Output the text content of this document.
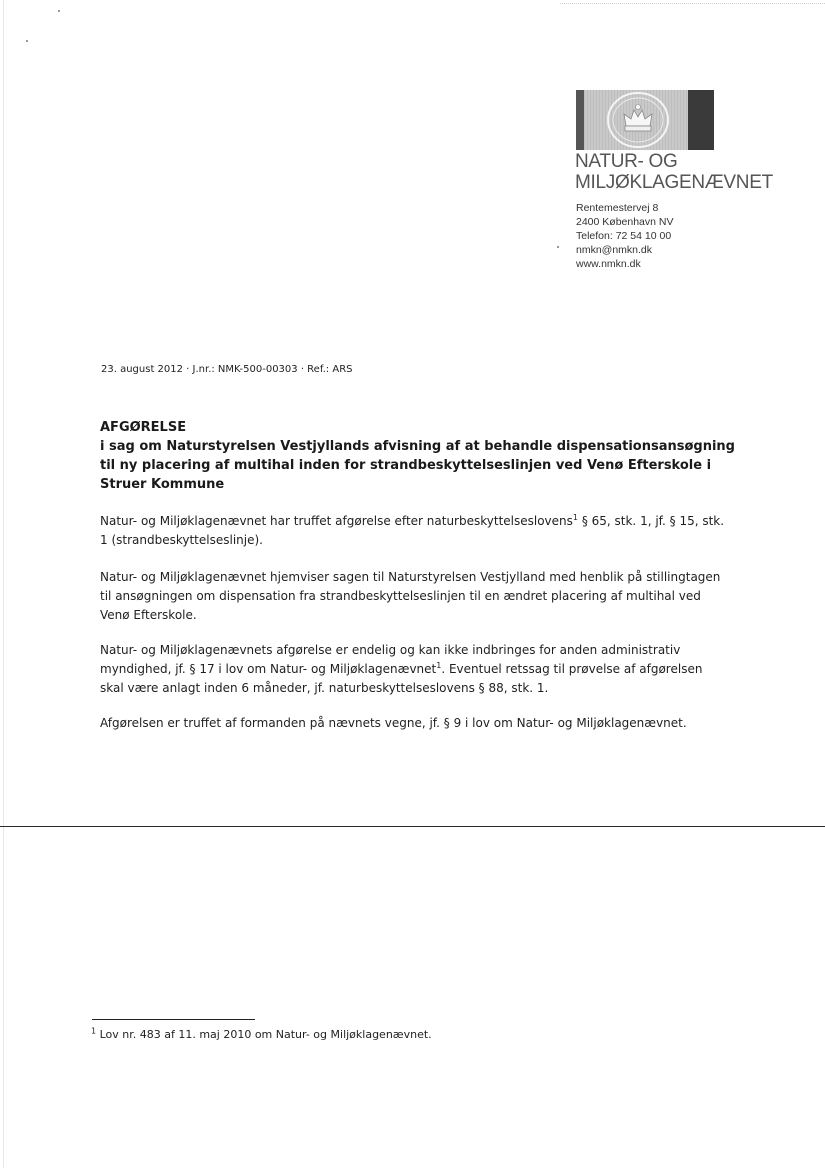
NATUR- OG
MILJØKLAGENÆVNET
Rentemestervej 8
2400 København NV
Telefon: 72 54 10 00
nmkn@nmkn.dk
www.nmkn.dk
23. august 2012 · J.nr.: NMK-500-00303 · Ref.: ARS
AFGØRELSE
i sag om Naturstyrelsen Vestjyllands afvisning af at behandle dispensationsansøgning til ny placering af multihal inden for strandbeskyttelseslinjen ved Venø Efterskole i Struer Kommune
Natur- og Miljøklagenævnet har truffet afgørelse efter naturbeskyttelseslovens$^1$ § 65, stk. 1, jf. § 15, stk. 1 (strandbeskyttelseslinje).
Natur- og Miljøklagenævnet hjemviser sagen til Naturstyrelsen Vestjylland med henblik på stillingtagen til ansøgningen om dispensation fra strandbeskyttelseslinjen til en ændret placering af multihal ved Venø Efterskole.
Natur- og Miljøklagenævnets afgørelse er endelig og kan ikke indbringes for anden administrativ myndighed, jf. § 17 i lov om Natur- og Miljøklagenævnet$^1$. Eventuel retssag til prøvelse af afgørelsen skal være anlagt inden 6 måneder, jf. naturbeskyttelseslovens § 88, stk. 1.
Afgørelsen er truffet af formanden på nævnets vegne, jf. § 9 i lov om Natur- og Miljøklagenævnet.
$^1$ Lov nr. 483 af 11. maj 2010 om Natur- og Miljøklagenævnet.
